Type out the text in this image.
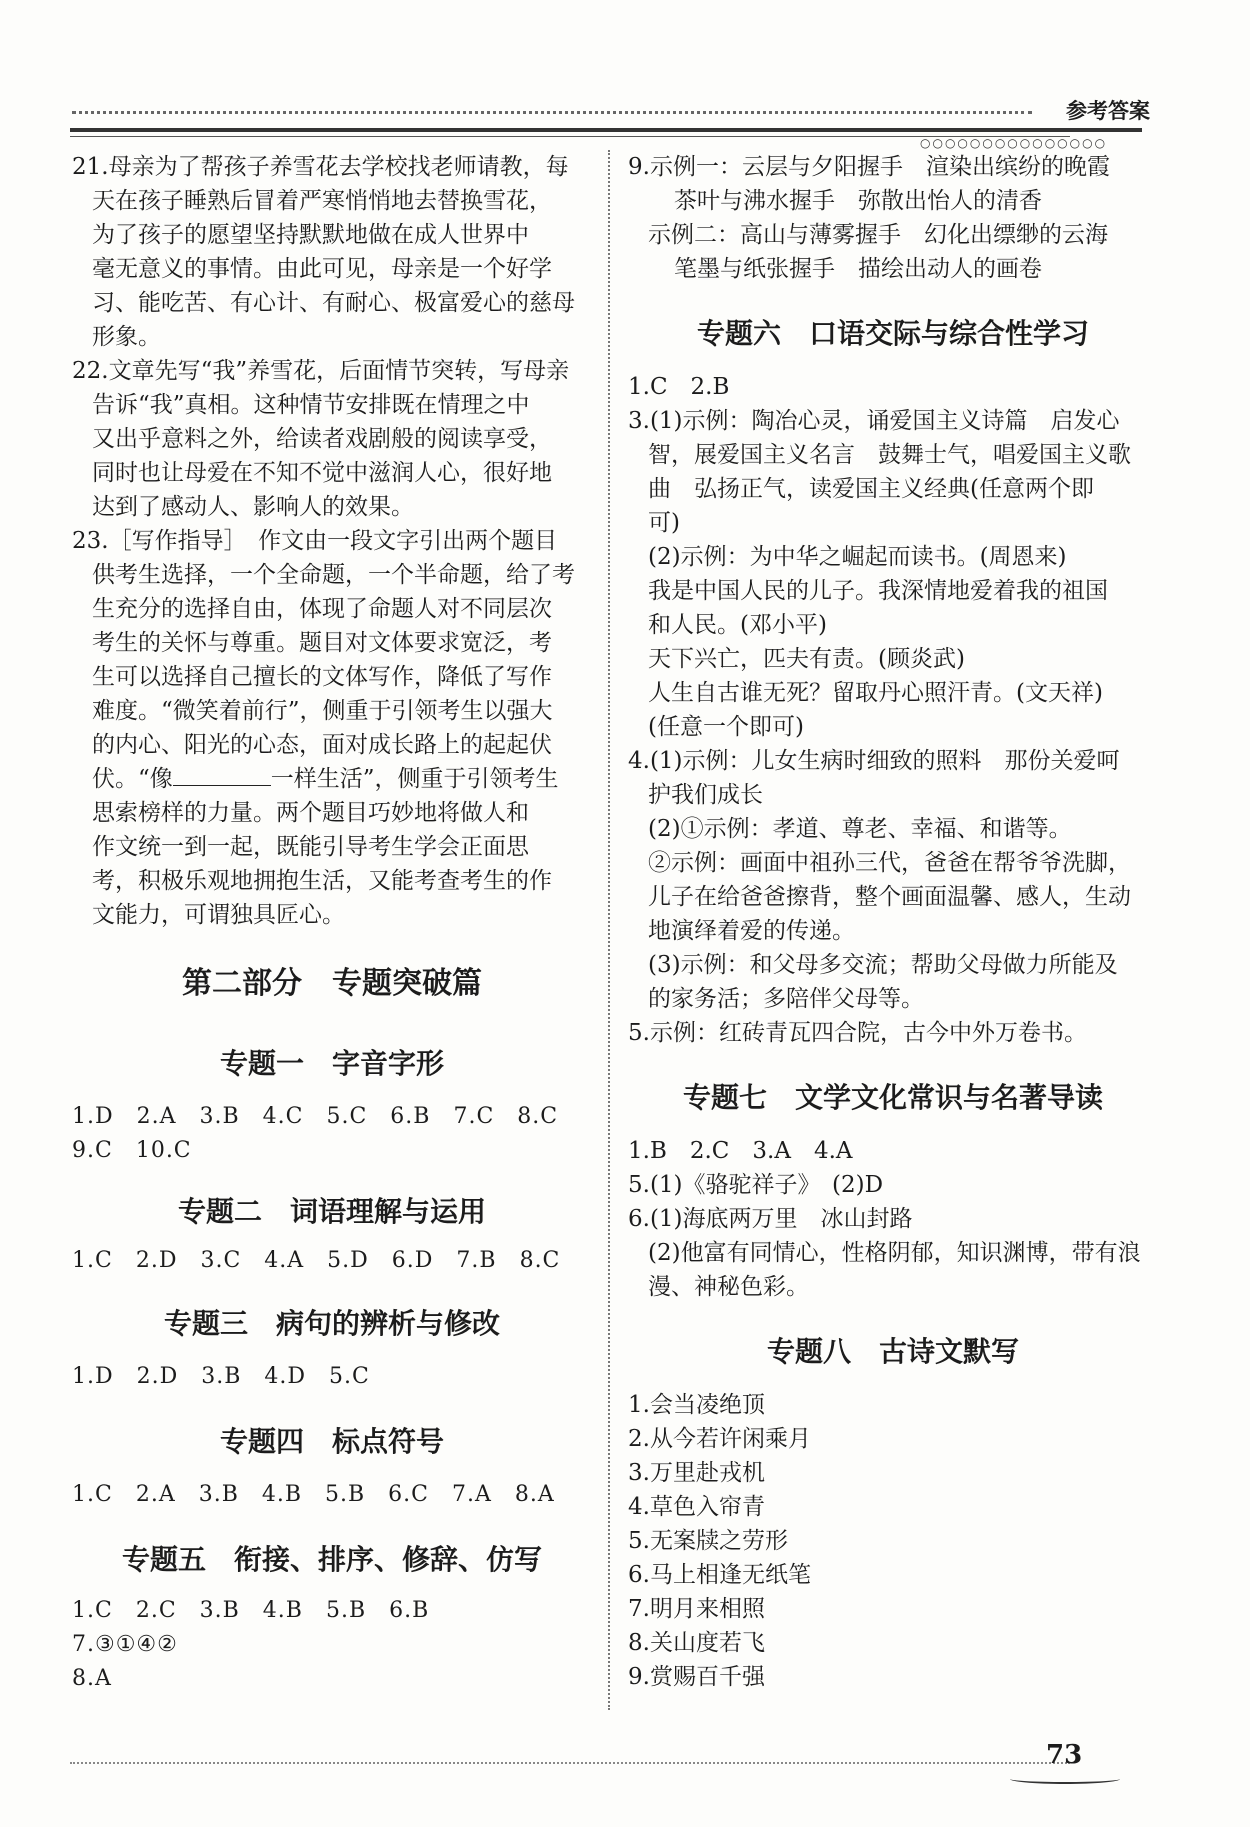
参考答案
○○○○○○○○○○○○○○○

21.母亲为了帮孩子养雪花去学校找老师请教，每

天在孩子睡熟后冒着严寒悄悄地去替换雪花，

为了孩子的愿望坚持默默地做在成人世界中

毫无意义的事情。由此可见，母亲是一个好学

习、能吃苦、有心计、有耐心、极富爱心的慈母

形象。

22.文章先写“我”养雪花，后面情节突转，写母亲

告诉“我”真相。这种情节安排既在情理之中

又出乎意料之外，给读者戏剧般的阅读享受，

同时也让母爱在不知不觉中滋润人心，很好地

达到了感动人、影响人的效果。

23.［写作指导］　作文由一段文字引出两个题目

供考生选择，一个全命题，一个半命题，给了考

生充分的选择自由，体现了命题人对不同层次

考生的关怀与尊重。题目对文体要求宽泛，考

生可以选择自己擅长的文体写作，降低了写作

难度。“微笑着前行”，侧重于引领考生以强大

的内心、阳光的心态，面对成长路上的起起伏

伏。“像	一样生活”，侧重于引领考生

思索榜样的力量。两个题目巧妙地将做人和

作文统一到一起，既能引导考生学会正面思

考，积极乐观地拥抱生活，又能考查考生的作

文能力，可谓独具匠心。

第二部分　专题突破篇

专题一　字音字形

1.D　2.A　3.B　4.C　5.C　6.B　7.C　8.C

9.C　10.C

专题二　词语理解与运用

1.C　2.D　3.C　4.A　5.D　6.D　7.B　8.C

专题三　病句的辨析与修改

1.D　2.D　3.B　4.D　5.C

专题四　标点符号

1.C　2.A　3.B　4.B　5.B　6.C　7.A　8.A

专题五　衔接、排序、修辞、仿写

1.C　2.C　3.B　4.B　5.B　6.B

7.③①④②

8.A

9.示例一：云层与夕阳握手　渲染出缤纷的晚霞

茶叶与沸水握手　弥散出怡人的清香

示例二：高山与薄雾握手　幻化出缥缈的云海

笔墨与纸张握手　描绘出动人的画卷

专题六　口语交际与综合性学习

1.C　2.B

3.(1)示例：陶冶心灵，诵爱国主义诗篇　启发心

智，展爱国主义名言　鼓舞士气，唱爱国主义歌

曲　弘扬正气，读爱国主义经典(任意两个即

可)

(2)示例：为中华之崛起而读书。(周恩来)

我是中国人民的儿子。我深情地爱着我的祖国

和人民。(邓小平)

天下兴亡，匹夫有责。(顾炎武)

人生自古谁无死？留取丹心照汗青。(文天祥)

(任意一个即可)

4.(1)示例：儿女生病时细致的照料　那份关爱呵

护我们成长

(2)①示例：孝道、尊老、幸福、和谐等。

②示例：画面中祖孙三代，爸爸在帮爷爷洗脚，

儿子在给爸爸擦背，整个画面温馨、感人，生动

地演绎着爱的传递。

(3)示例：和父母多交流；帮助父母做力所能及

的家务活；多陪伴父母等。

5.示例：红砖青瓦四合院，古今中外万卷书。

专题七　文学文化常识与名著导读

1.B　2.C　3.A　4.A

5.(1)《骆驼祥子》　(2)D

6.(1)海底两万里　冰山封路

(2)他富有同情心，性格阴郁，知识渊博，带有浪

漫、神秘色彩。

专题八　古诗文默写

1.会当凌绝顶

2.从今若许闲乘月

3.万里赴戎机

4.草色入帘青

5.无案牍之劳形

6.马上相逢无纸笔

7.明月来相照

8.关山度若飞

9.赏赐百千强

73
